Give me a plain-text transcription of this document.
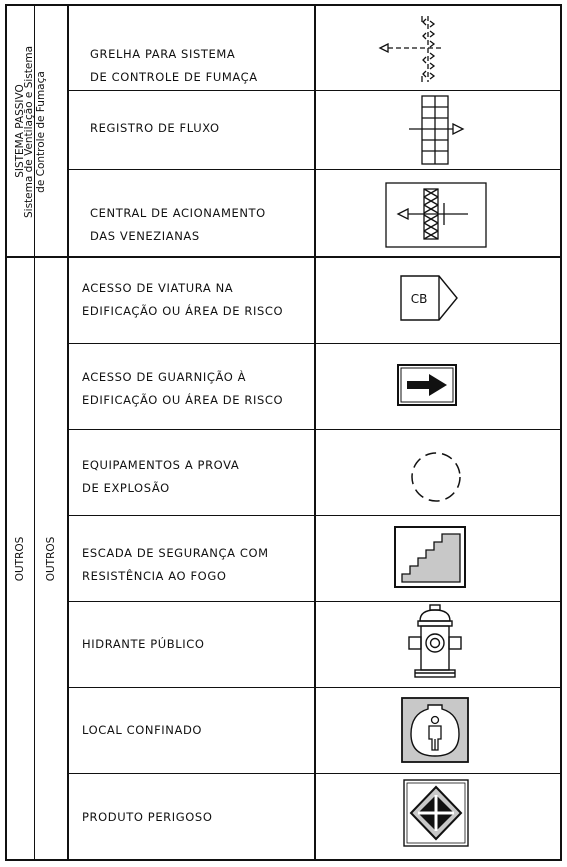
SISTEMA PASSIVO
Sistema de Ventilação e Sistema
de Controle de Fumaça
OUTROS OUTROS
GRELHA PARA SISTEMA
DE CONTROLE DE FUMAÇA
REGISTRO DE FLUXO
CENTRAL DE ACIONAMENTO
DAS VENEZIANAS
ACESSO DE VIATURA NA
EDIFICAÇÃO OU ÁREA DE RISCO
ACESSO DE GUARNIÇÃO À
EDIFICAÇÃO OU ÁREA DE RISCO
EQUIPAMENTOS A PROVA
DE EXPLOSÃO
ESCADA DE SEGURANÇA COM
RESISTÊNCIA AO FOGO
HIDRANTE PÚBLICO
LOCAL CONFINADO
PRODUTO PERIGOSO
CB
